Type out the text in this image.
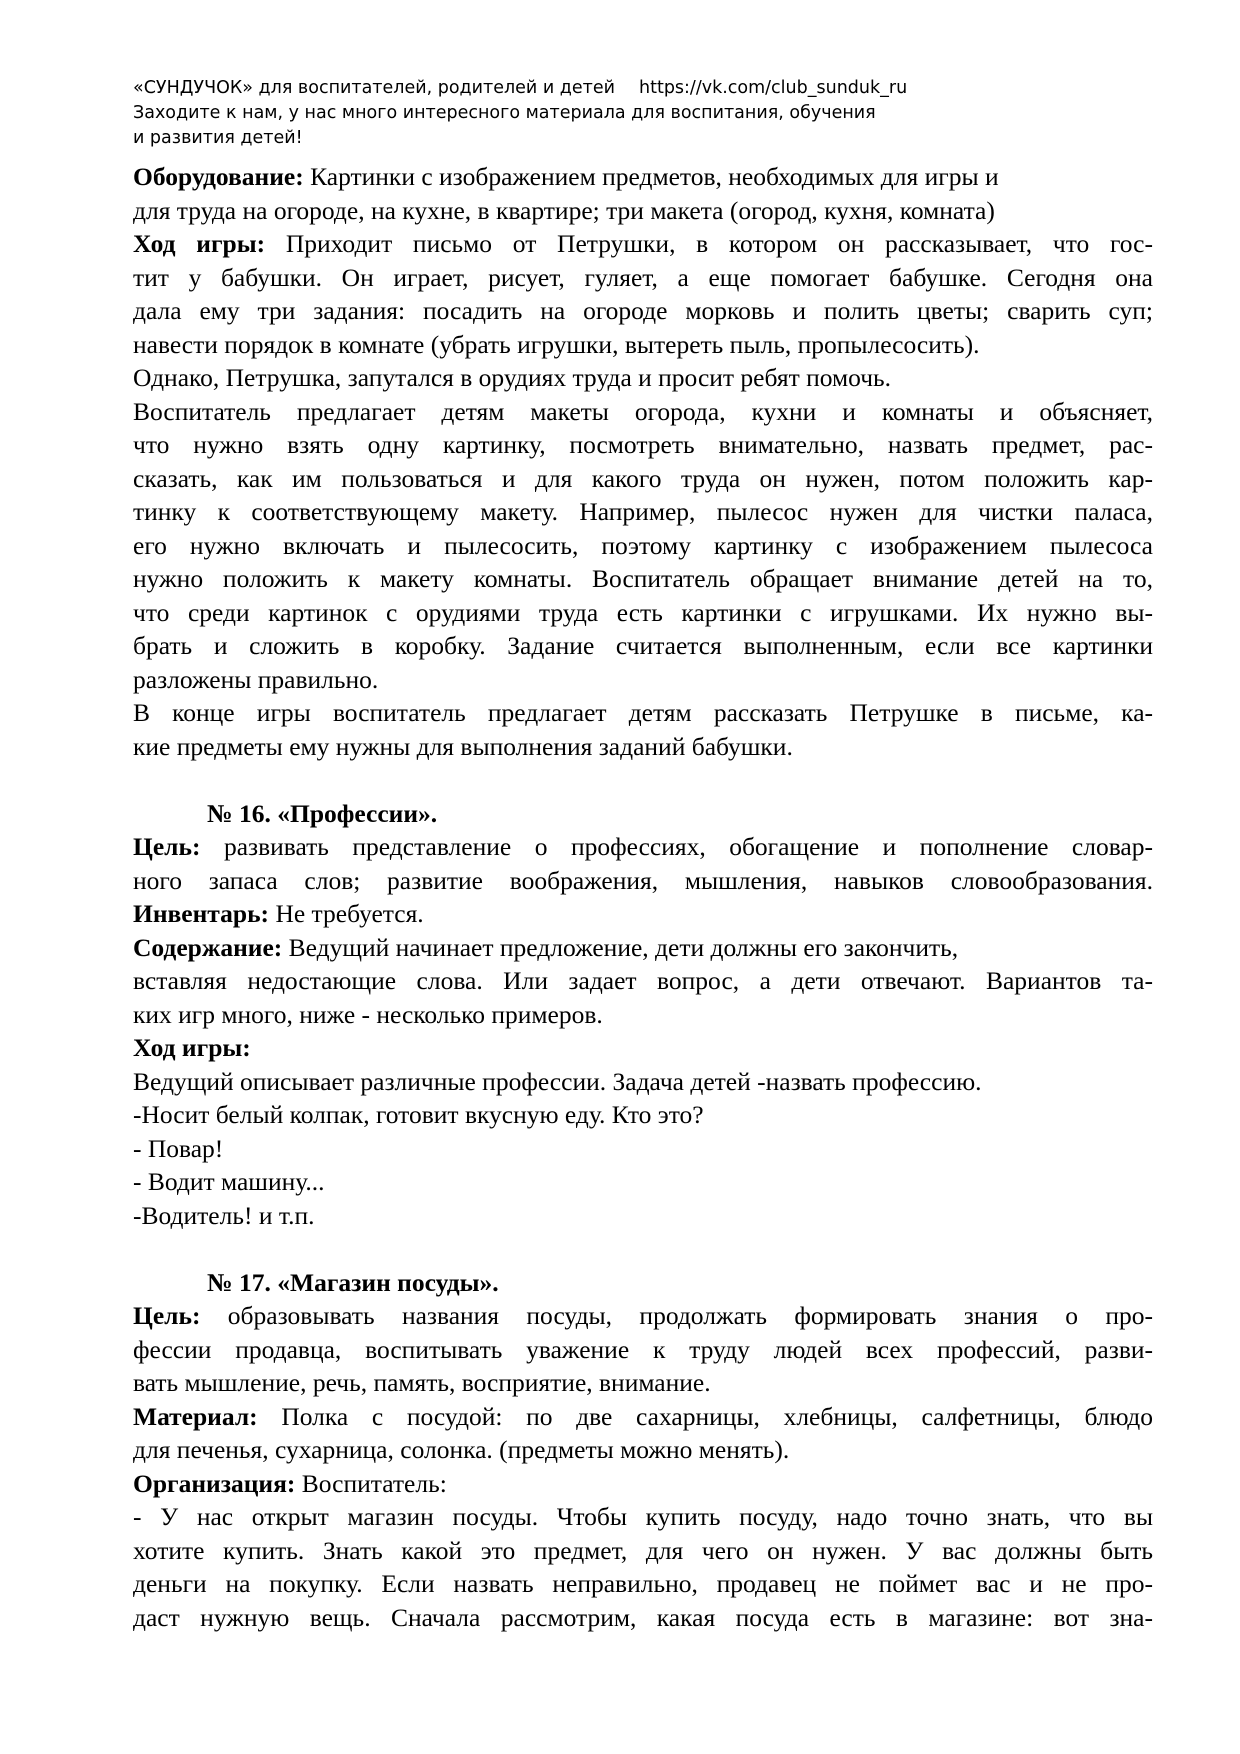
«СУНДУЧОК» для воспитателей, родителей и детей https://vk.com/club_sunduk_ru
Заходите к нам, у нас много интересного материала для воспитания, обучения
и развития детей!
Оборудование: Картинки с изображением предметов, необходимых для игры и
для труда на огороде, на кухне, в квартире; три макета (огород, кухня, комната)
Ход игры: Приходит письмо от Петрушки, в котором он рассказывает, что гос-
тит у бабушки. Он играет, рисует, гуляет, а еще помогает бабушке. Сегодня она
дала ему три задания: посадить на огороде морковь и полить цветы; сварить суп;
навести порядок в комнате (убрать игрушки, вытереть пыль, пропылесосить).
Однако, Петрушка, запутался в орудиях труда и просит ребят помочь.
Воспитатель предлагает детям макеты огорода, кухни и комнаты и объясняет,
что нужно взять одну картинку, посмотреть внимательно, назвать предмет, рас-
сказать, как им пользоваться и для какого труда он нужен, потом положить кар-
тинку к соответствующему макету. Например, пылесос нужен для чистки паласа,
его нужно включать и пылесосить, поэтому картинку с изображением пылесоса
нужно положить к макету комнаты. Воспитатель обращает внимание детей на то,
что среди картинок с орудиями труда есть картинки с игрушками. Их нужно вы-
брать и сложить в коробку. Задание считается выполненным, если все картинки
разложены правильно.
В конце игры воспитатель предлагает детям рассказать Петрушке в письме, ка-
кие предметы ему нужны для выполнения заданий бабушки.
№ 16. «Профессии».
Цель: развивать представление о профессиях, обогащение и пополнение словар-
ного запаса слов; развитие воображения, мышления, навыков словообразования.
Инвентарь: Не требуется.
Содержание: Ведущий начинает предложение, дети должны его закончить,
вставляя недостающие слова. Или задает вопрос, а дети отвечают. Вариантов та-
ких игр много, ниже - несколько примеров.
Ход игры:
Ведущий описывает различные профессии. Задача детей -назвать профессию.
-Носит белый колпак, готовит вкусную еду. Кто это?
- Повар!
- Водит машину...
-Водитель! и т.п.
№ 17. «Магазин посуды».
Цель: образовывать названия посуды, продолжать формировать знания о про-
фессии продавца, воспитывать уважение к труду людей всех профессий, разви-
вать мышление, речь, память, восприятие, внимание.
Материал: Полка с посудой: по две сахарницы, хлебницы, салфетницы, блюдо
для печенья, сухарница, солонка. (предметы можно менять).
Организация: Воспитатель:
- У нас открыт магазин посуды. Чтобы купить посуду, надо точно знать, что вы
хотите купить. Знать какой это предмет, для чего он нужен. У вас должны быть
деньги на покупку. Если назвать неправильно, продавец не поймет вас и не про-
даст нужную вещь. Сначала рассмотрим, какая посуда есть в магазине: вот зна-
